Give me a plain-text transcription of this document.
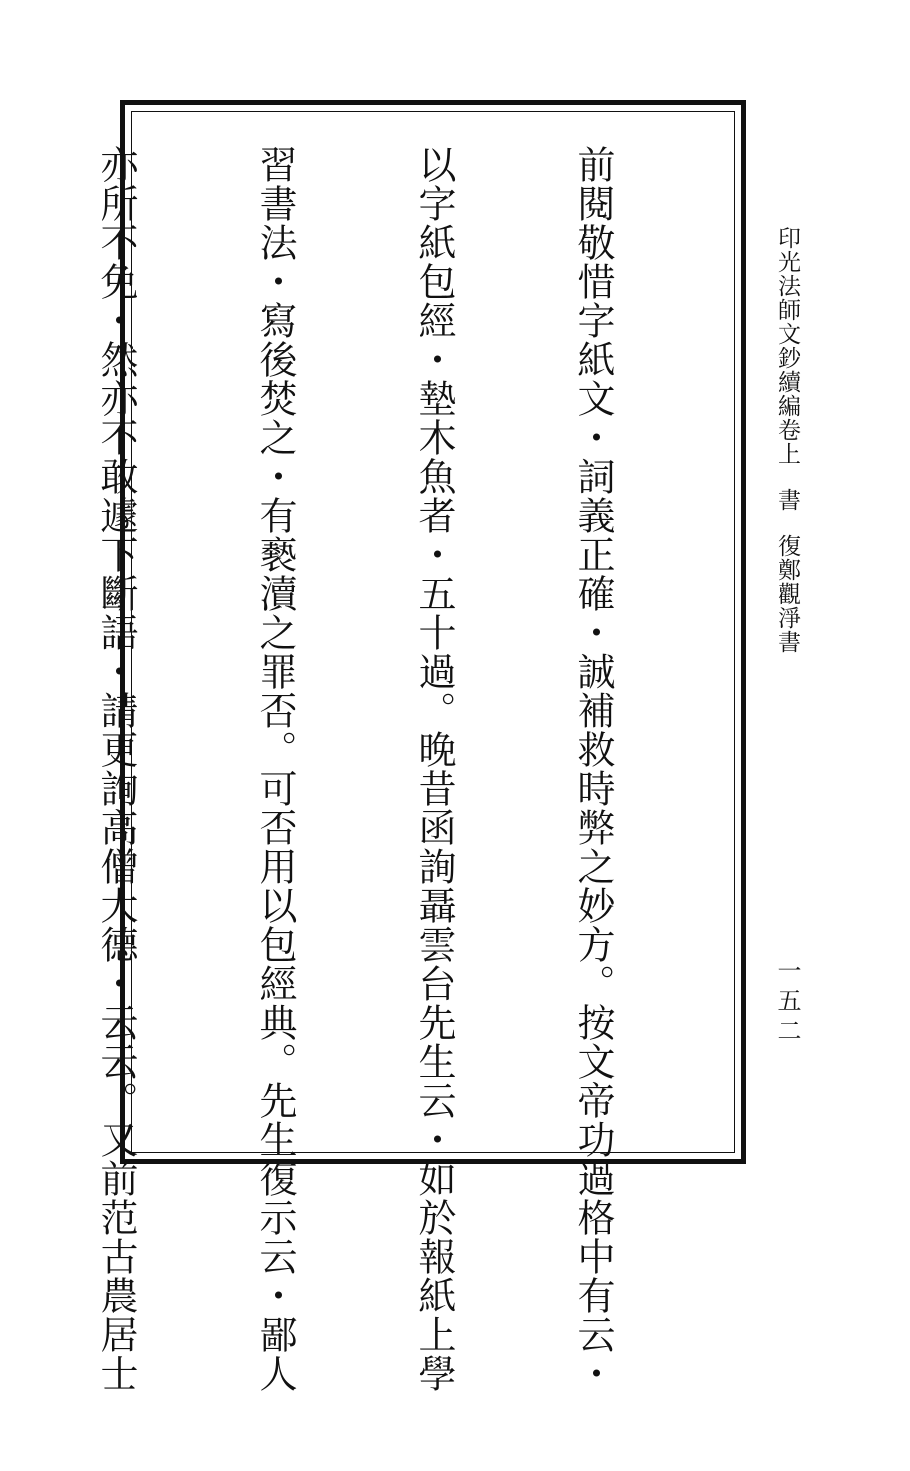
前閱敬惜字紙文・詞義正確・誠補救時弊之妙方。按文帝功過格中有云・

以字紙包經・墊木魚者・五十過。晚昔函詢聶雲台先生云・如於報紙上學

習書法・寫後焚之・有褻瀆之罪否。可否用以包經典。先生復示云・鄙人

亦所不免・然亦不敢遽下斷語・請更詢高僧大德・云云。又前范古農居士

	印光法師文鈔續編卷上書復鄭觀淨書
一五二
